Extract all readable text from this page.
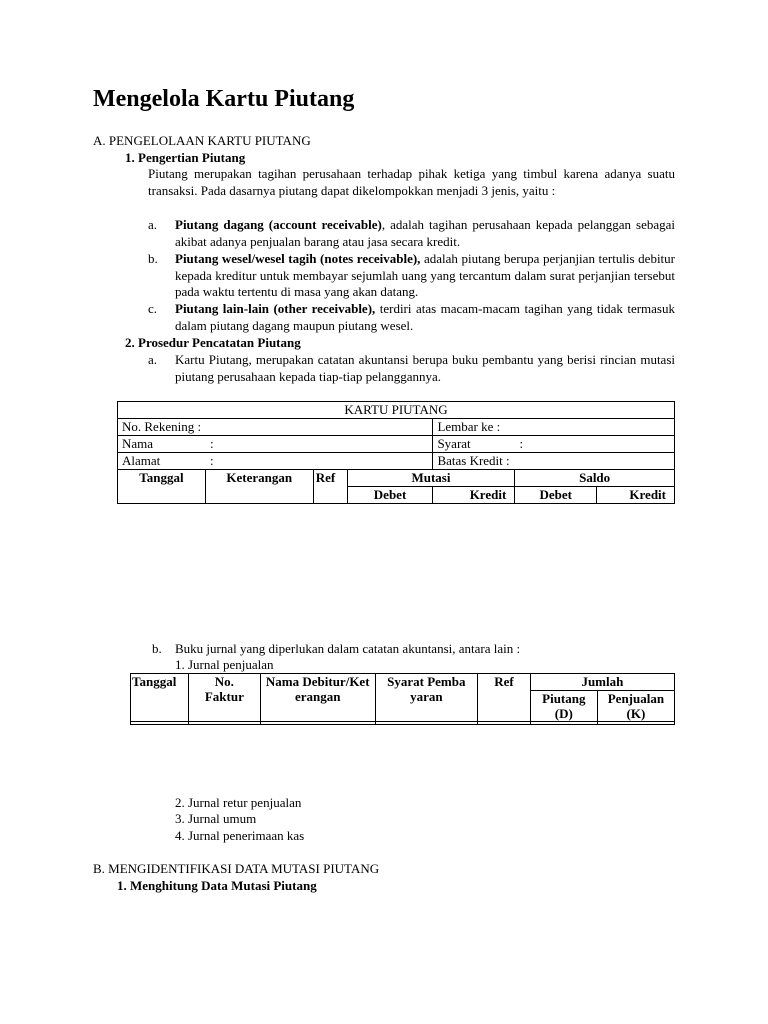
Mengelola Kartu Piutang
A. PENGELOLAAN KARTU PIUTANG
1. Pengertian Piutang
Piutang merupakan tagihan perusahaan terhadap pihak ketiga yang timbul karena adanya suatu transaksi. Pada dasarnya piutang dapat dikelompokkan menjadi 3 jenis, yaitu :
a. Piutang dagang (account receivable), adalah tagihan perusahaan kepada pelanggan sebagai akibat adanya penjualan barang atau jasa secara kredit.
b. Piutang wesel/wesel tagih (notes receivable), adalah piutang berupa perjanjian tertulis debitur kepada kreditur untuk membayar sejumlah uang yang tercantum dalam surat perjanjian tersebut pada waktu tertentu di masa yang akan datang.
c. Piutang lain-lain (other receivable), terdiri atas macam-macam tagihan yang tidak termasuk dalam piutang dagang maupun piutang wesel.
2. Prosedur Pencatatan Piutang
a. Kartu Piutang, merupakan catatan akuntansi berupa buku pembantu yang berisi rincian mutasi piutang perusahaan kepada tiap-tiap pelanggannya.
KARTU PIUTANG						
No. Rekening :				Lembar ke :		
Nama :				Syarat :		
Alamat :				Batas Kredit :		
Tanggal	Keterangan	Ref	Mutasi		Saldo	
			Debet	Kredit	Debet	Kredit
b. Buku jurnal yang diperlukan dalam catatan akuntansi, antara lain :
1. Jurnal penjualan
Tanggal	No. Faktur	Nama Debitur/Keterangan	Syarat Pembayaran	Ref	Jumlah	
					Piutang (D)	Penjualan (K)

2. Jurnal retur penjualan
3. Jurnal umum
4. Jurnal penerimaan kas
B. MENGIDENTIFIKASI DATA MUTASI PIUTANG
1. Menghitung Data Mutasi Piutang
